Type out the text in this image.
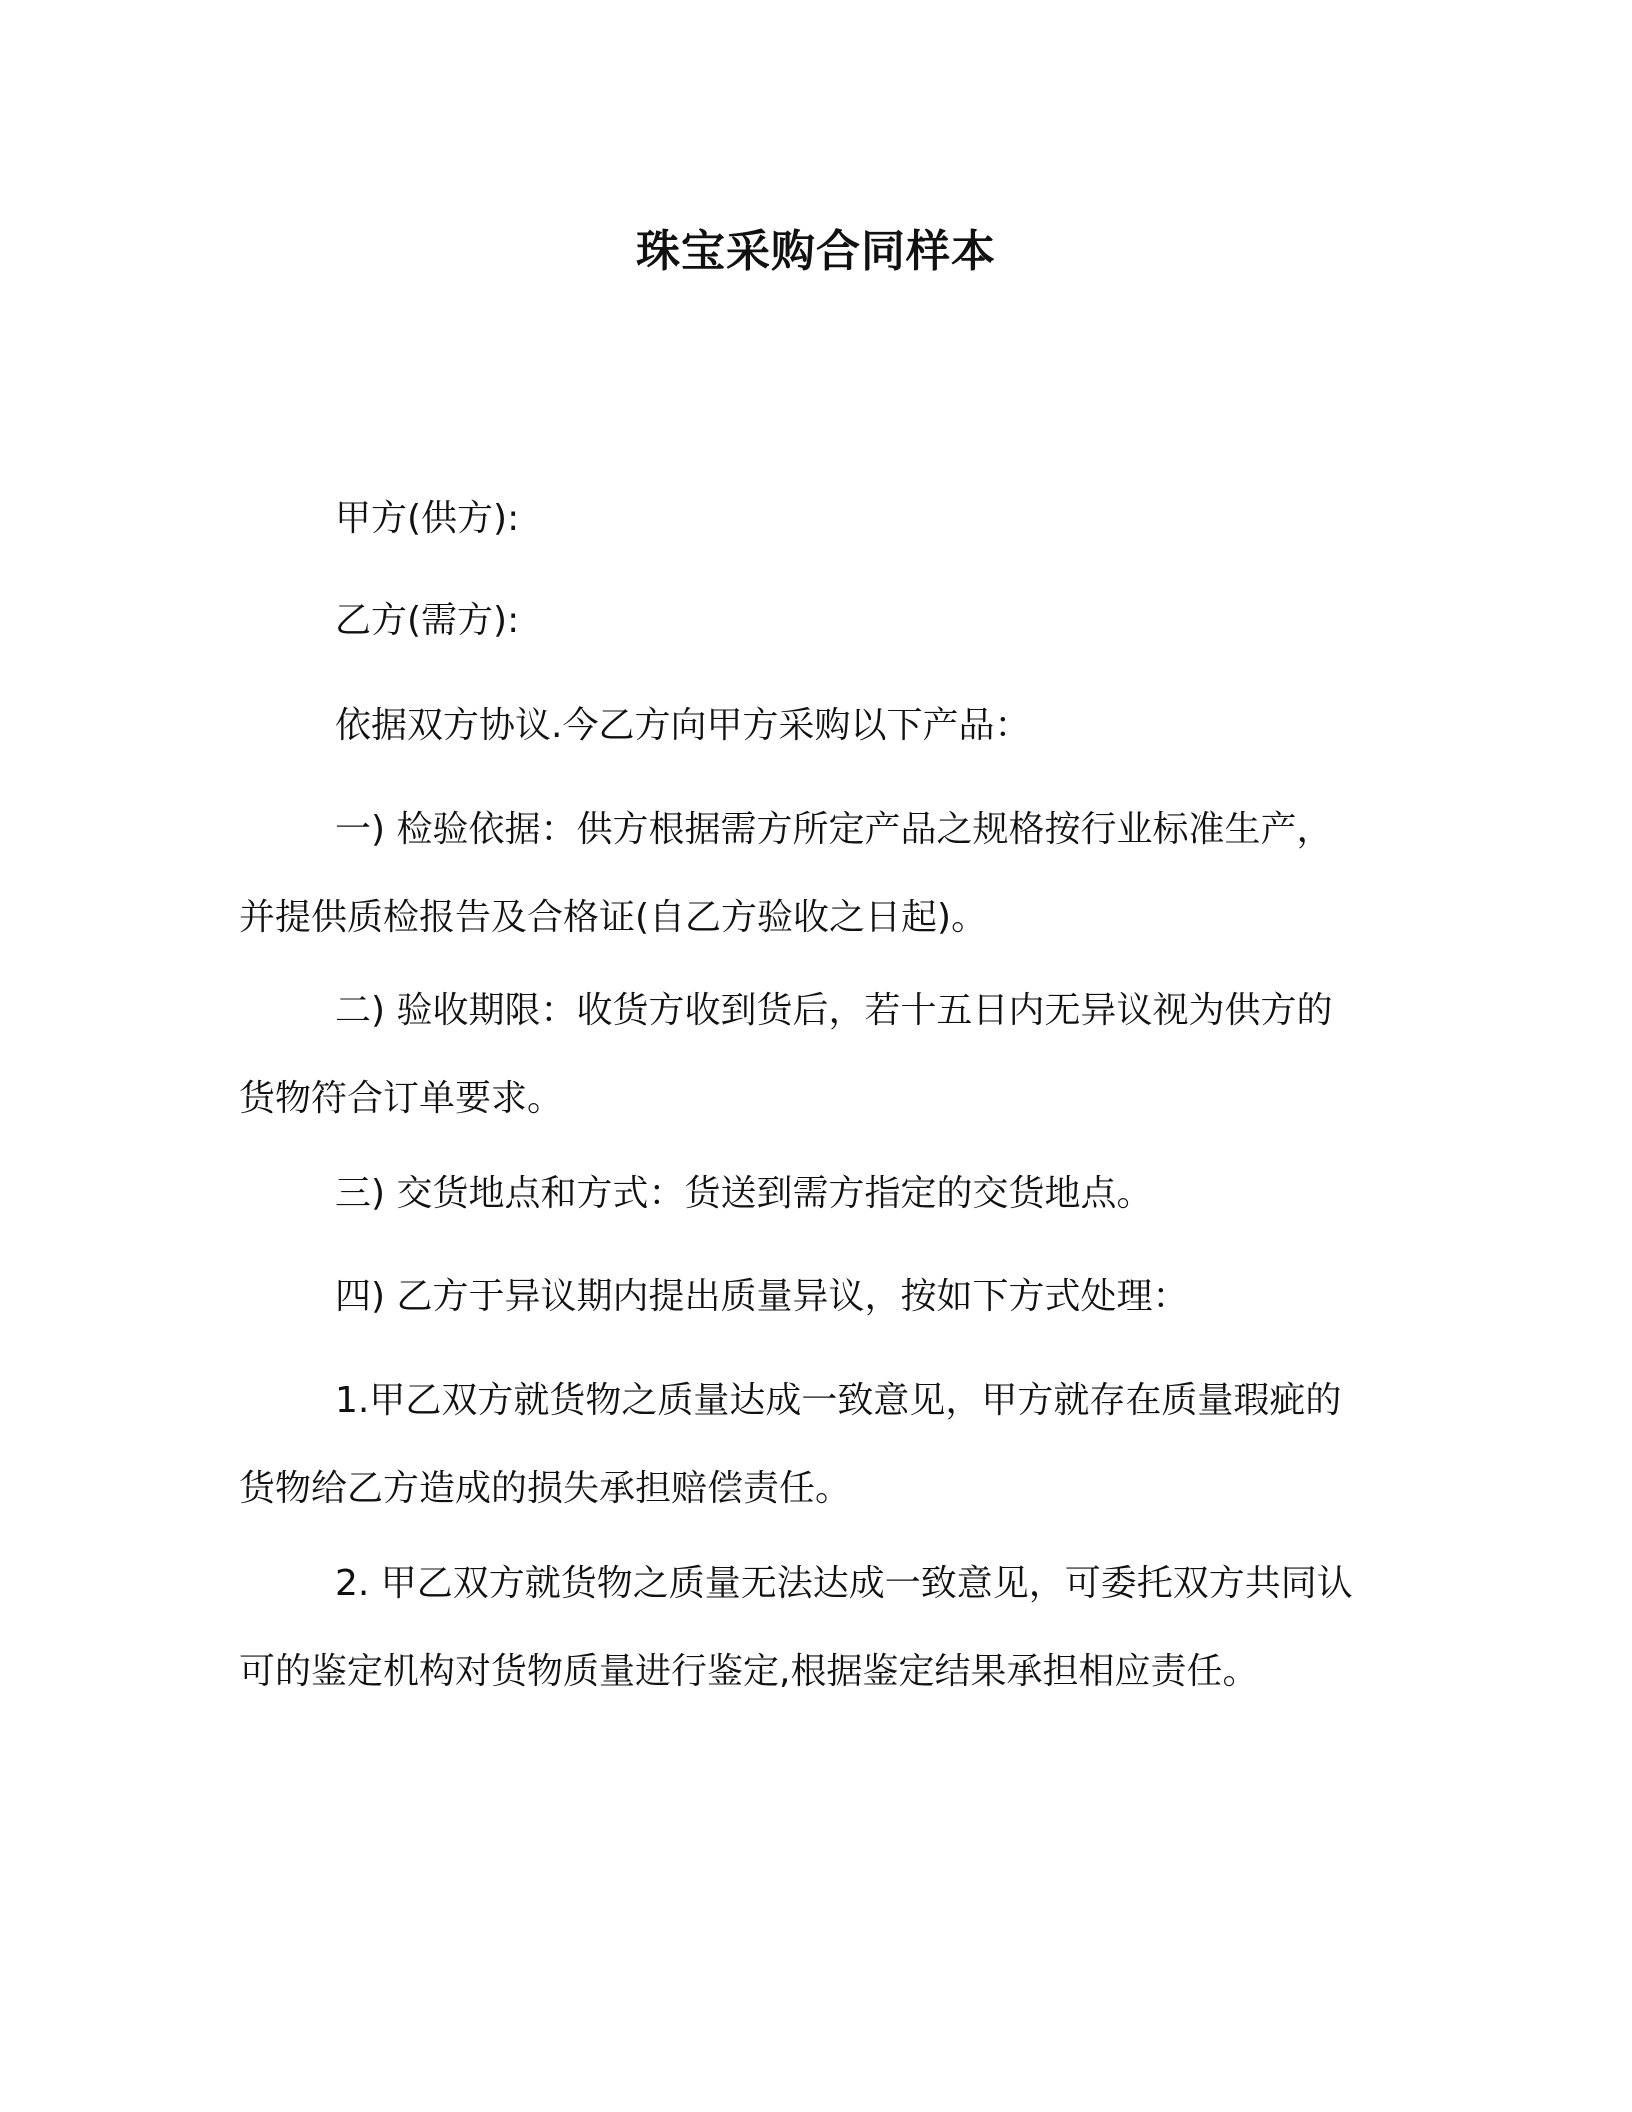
珠宝采购合同样本

甲方(供方):

乙方(需方):

依据双方协议.今乙方向甲方采购以下产品：

一) 检验依据：供方根据需方所定产品之规格按行业标准生产，
并提供质检报告及合格证(自乙方验收之日起)。

二) 验收期限：收货方收到货后，若十五日内无异议视为供方的
货物符合订单要求。

三) 交货地点和方式：货送到需方指定的交货地点。

四) 乙方于异议期内提出质量异议，按如下方式处理：

1.甲乙双方就货物之质量达成一致意见，甲方就存在质量瑕疵的
货物给乙方造成的损失承担赔偿责任。

2. 甲乙双方就货物之质量无法达成一致意见，可委托双方共同认
可的鉴定机构对货物质量进行鉴定,根据鉴定结果承担相应责任。
